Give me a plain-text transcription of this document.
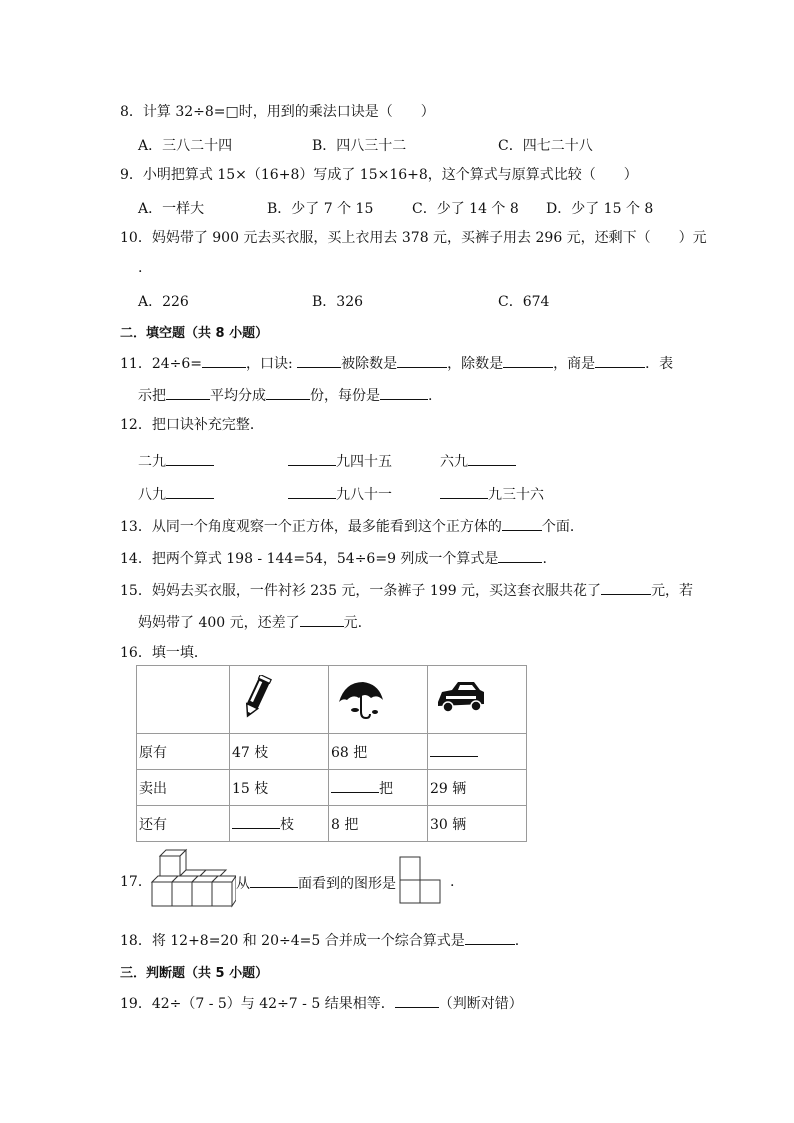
8．计算 32÷8=□时，用到的乘法口诀是（　　）
A．三八二十四	B．四八三十二	C．四七二十八
9．小明把算式 15×（16+8）写成了 15×16+8，这个算式与原算式比较（　　）
A．一样大	B．少了 7 个 15	C．少了 14 个 8 D．少了 15 个 8
10．妈妈带了 900 元去买衣服，买上衣用去 378 元，买裤子用去 296 元，还剩下（　　）元
.
A．226	B．326	C．674
二．填空题（共 8 小题）
11．24÷6=	，口诀:	被除数是	，除数是	，商是	．表
示把	平均分成	份，每份是	.
12．把口诀补充完整．
二九	九四十五	六九
八九	九八十一	九三十六
13．从同一个角度观察一个正方体，最多能看到这个正方体的	个面．
14．把两个算式 198 - 144=54，54÷6=9 列成一个算式是	.
15．妈妈去买衣服，一件衬衫 235 元，一条裤子 199 元，买这套衣服共花了	元，若
妈妈带了 400 元，还差了	元.
16．填一填．

原有	47 枝	68 把	
卖出	15 枝	把	29 辆
还有	枝	8 把	30 辆
17．	从	面看到的图形是	.
18．将 12+8=20 和 20÷4=5 合并成一个综合算式是	.
三．判断题（共 5 小题）
19．42÷（7 - 5）与 42÷7 - 5 结果相等．	（判断对错）
